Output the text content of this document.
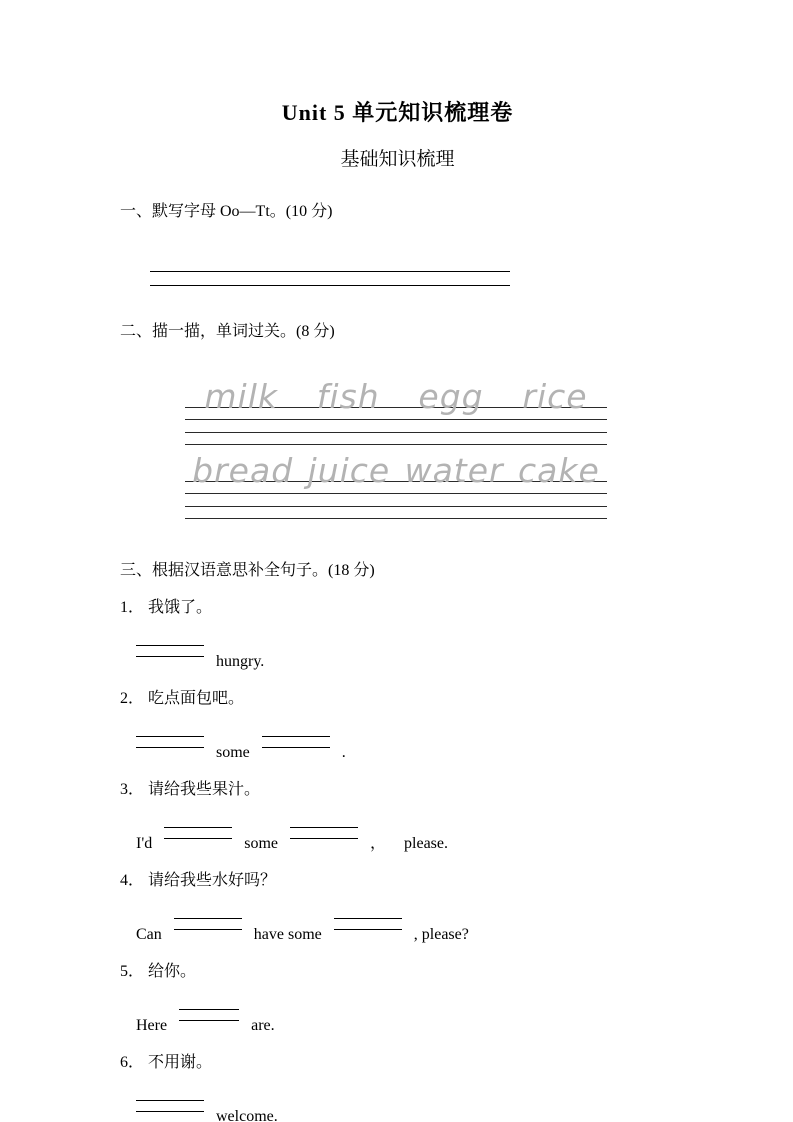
Unit 5 单元知识梳理卷
基础知识梳理

一、默写字母 Oo—Tt。(10 分)

二、描一描，单词过关。(8 分)

milk fish egg rice
bread juice water cake

三、根据汉语意思补全句子。(18 分)

1． 我饿了。

hungry.

2． 吃点面包吧。

some	.

3． 请给我些果汁。

I'd	some	， please.

4． 请给我些水好吗？

Can	have some	, please?

5． 给你。

Here	are.

6． 不用谢。

welcome.
